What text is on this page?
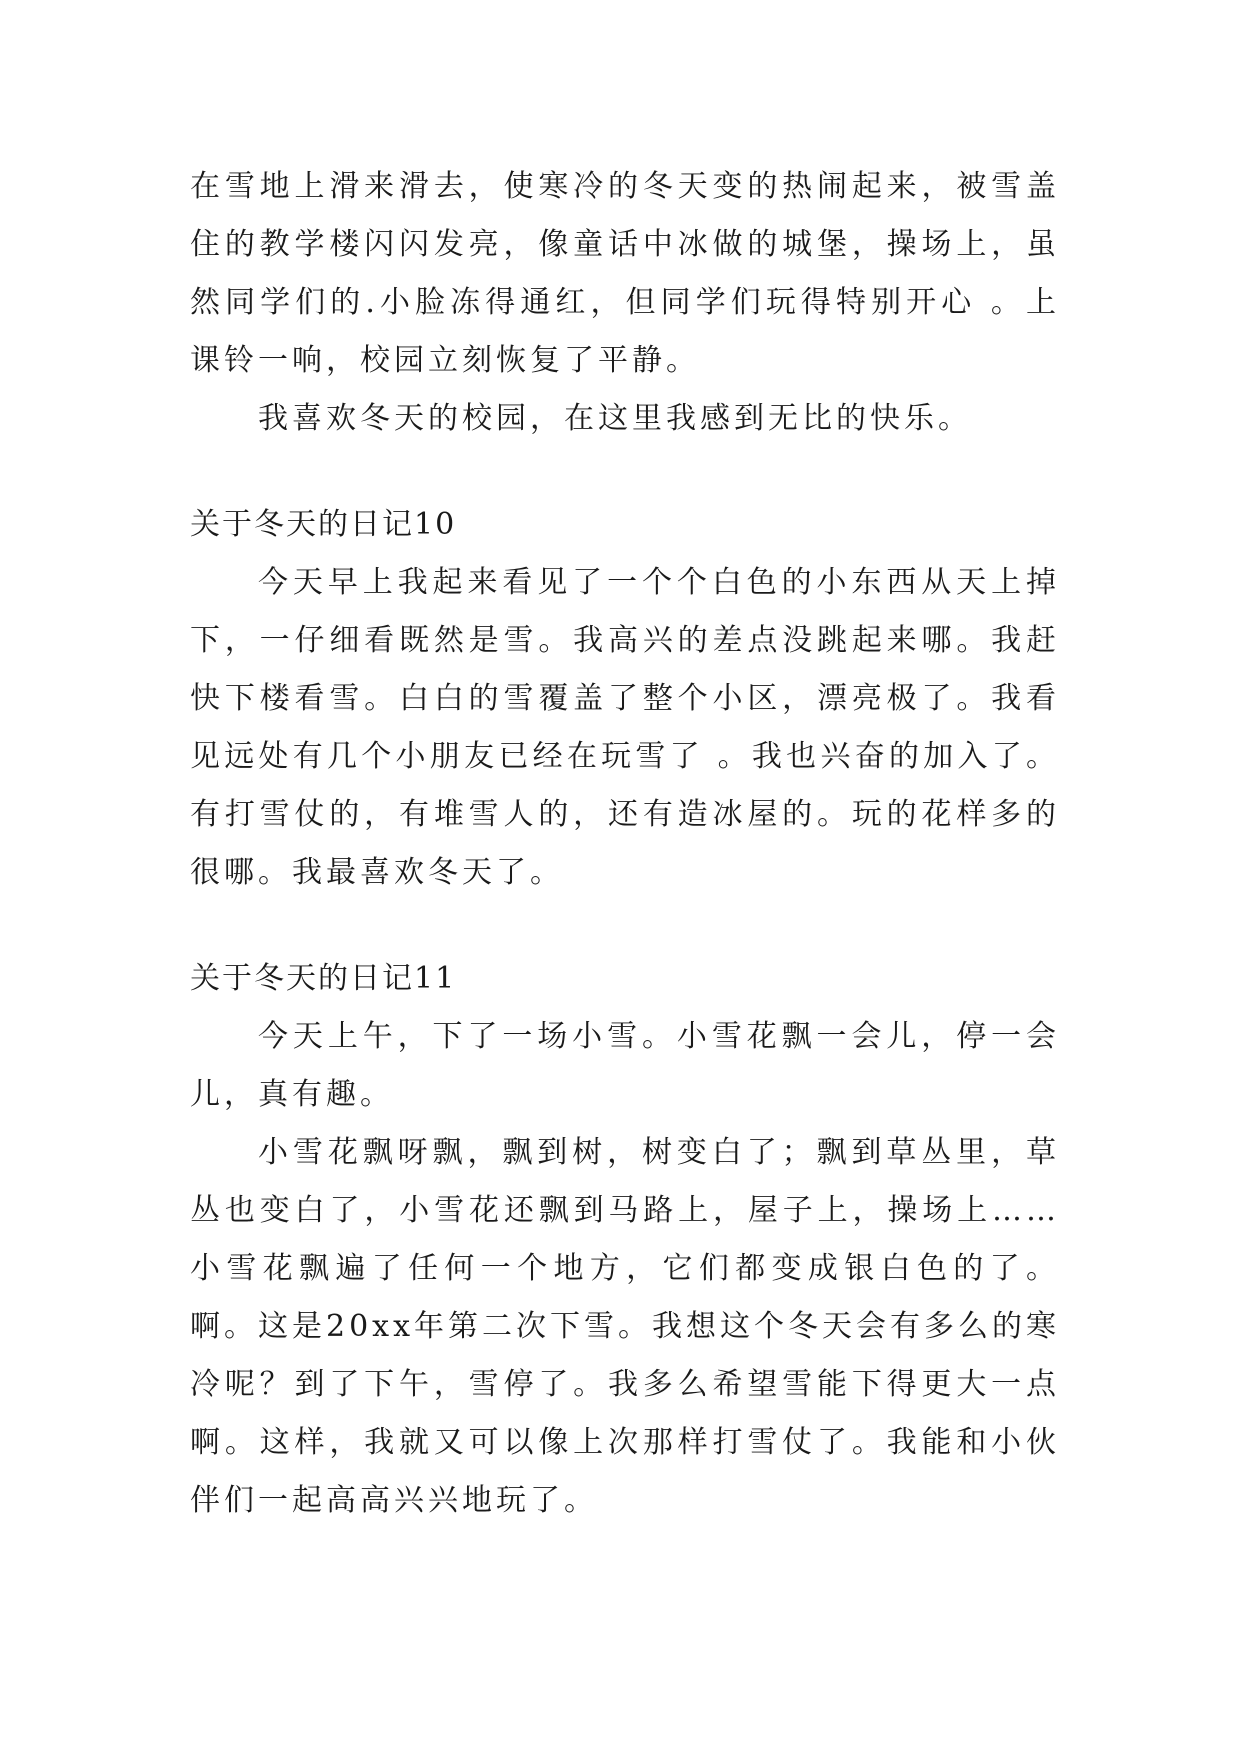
在雪地上滑来滑去，使寒冷的冬天变的热闹起来，被雪盖住的教学楼闪闪发亮，像童话中冰做的城堡，操场上，虽然同学们的.小脸冻得通红，但同学们玩得特别开心 。上课铃一响，校园立刻恢复了平静。

我喜欢冬天的校园，在这里我感到无比的快乐。

关于冬天的日记10

今天早上我起来看见了一个个白色的小东西从天上掉下，一仔细看既然是雪。我高兴的差点没跳起来哪。我赶快下楼看雪。白白的雪覆盖了整个小区，漂亮极了。我看见远处有几个小朋友已经在玩雪了 。我也兴奋的加入了。有打雪仗的，有堆雪人的，还有造冰屋的。玩的花样多的很哪。我最喜欢冬天了。

关于冬天的日记11

今天上午，下了一场小雪。小雪花飘一会儿，停一会儿，真有趣。

小雪花飘呀飘，飘到树，树变白了；飘到草丛里，草丛也变白了，小雪花还飘到马路上，屋子上，操场上……小雪花飘遍了任何一个地方，它们都变成银白色的了。啊。这是20xx年第二次下雪。我想这个冬天会有多么的寒冷呢？到了下午，雪停了。我多么希望雪能下得更大一点啊。这样，我就又可以像上次那样打雪仗了。我能和小伙伴们一起高高兴兴地玩了。
